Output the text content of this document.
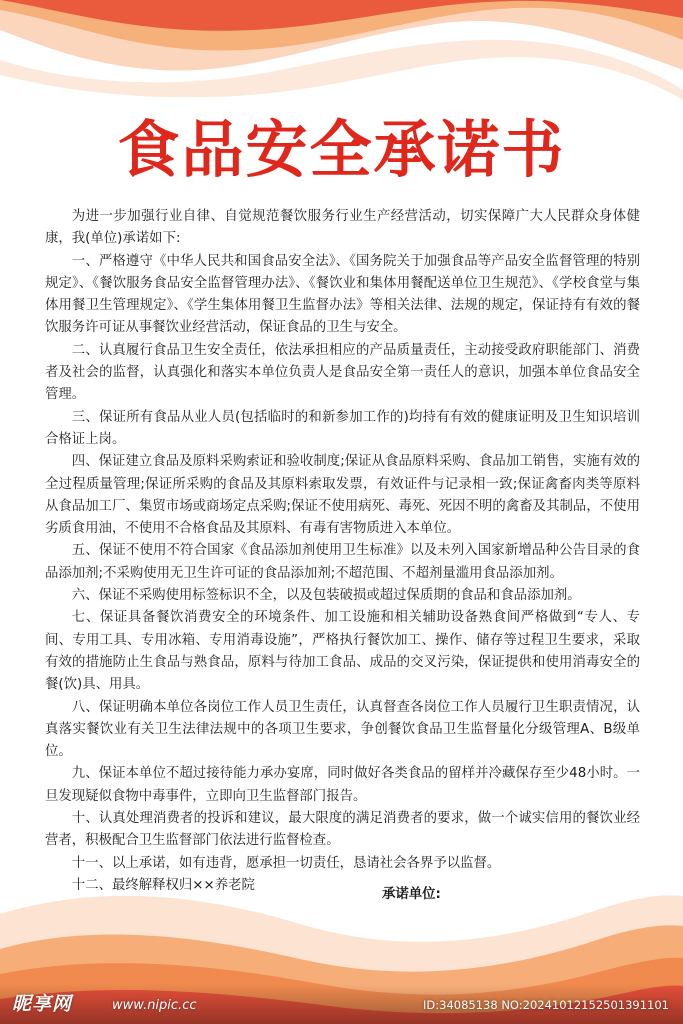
食品安全承诺书

为进一步加强行业自律、自觉规范餐饮服务行业生产经营活动，切实保障广大人民群众身体健康，我(单位)承诺如下:

一、严格遵守《中华人民共和国食品安全法》、《国务院关于加强食品等产品安全监督管理的特别规定》、《餐饮服务食品安全监督管理办法》、《餐饮业和集体用餐配送单位卫生规范》、《学校食堂与集体用餐卫生管理规定》、《学生集体用餐卫生监督办法》等相关法律、法规的规定，保证持有有效的餐饮服务许可证从事餐饮业经营活动，保证食品的卫生与安全。

二、认真履行食品卫生安全责任，依法承担相应的产品质量责任，主动接受政府职能部门、消费者及社会的监督，认真强化和落实本单位负责人是食品安全第一责任人的意识，加强本单位食品安全管理。

三、保证所有食品从业人员(包括临时的和新参加工作的)均持有有效的健康证明及卫生知识培训合格证上岗。

四、保证建立食品及原料采购索证和验收制度;保证从食品原料采购、食品加工销售，实施有效的全过程质量管理;保证所采购的食品及其原料索取发票，有效证件与记录相一致;保证禽畜肉类等原料从食品加工厂、集贸市场或商场定点采购;保证不使用病死、毒死、死因不明的禽畜及其制品，不使用劣质食用油，不使用不合格食品及其原料、有毒有害物质进入本单位。

五、保证不使用不符合国家《食品添加剂使用卫生标准》以及未列入国家新增品种公告目录的食品添加剂;不采购使用无卫生许可证的食品添加剂;不超范围、不超剂量滥用食品添加剂。

六、保证不采购使用标签标识不全，以及包装破损或超过保质期的食品和食品添加剂。

七、保证具备餐饮消费安全的环境条件、加工设施和相关辅助设备熟食间严格做到“专人、专间、专用工具、专用冰箱、专用消毒设施”，严格执行餐饮加工、操作、储存等过程卫生要求，采取有效的措施防止生食品与熟食品，原料与待加工食品、成品的交叉污染，保证提供和使用消毒安全的餐(饮)具、用具。

八、保证明确本单位各岗位工作人员卫生责任，认真督查各岗位工作人员履行卫生职责情况，认真落实餐饮业有关卫生法律法规中的各项卫生要求，争创餐饮食品卫生监督量化分级管理A、B级单位。

九、保证本单位不超过接待能力承办宴席，同时做好各类食品的留样并冷藏保存至少48小时。一旦发现疑似食物中毒事件，立即向卫生监督部门报告。

十、认真处理消费者的投诉和建议，最大限度的满足消费者的要求，做一个诚实信用的餐饮业经营者，积极配合卫生监督部门依法进行监督检查。

十一、以上承诺，如有违背，愿承担一切责任，恳请社会各界予以监督。

十二、最终解释权归××养老院

承诺单位:
昵享网	www.nipic.cc	ID:34085138 NO:20241012152501391101
